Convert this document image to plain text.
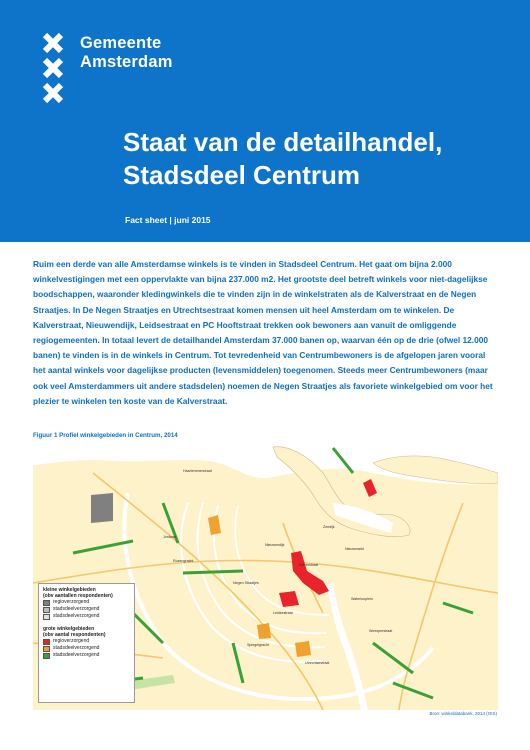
Gemeente
Amsterdam
Staat van de detailhandel,
Stadsdeel Centrum
Fact sheet | juni 2015
Ruim een derde van alle Amsterdamse winkels is te vinden in Stadsdeel Centrum. Het gaat om bijna 2.000 winkelvestigingen met een oppervlakte van bijna 237.000 m2. Het grootste deel betreft winkels voor niet-dagelijkse boodschappen, waaronder kledingwinkels die te vinden zijn in de winkelstraten als de Kalverstraat en de Negen Straatjes. In De Negen Straatjes en Utrechtsestraat komen mensen uit heel Amsterdam om te winkelen. De Kalverstraat, Nieuwendijk, Leidsestraat en PC Hooftstraat trekken ook bewoners aan vanuit de omliggende regiogemeenten. In totaal levert de detailhandel Amsterdam 37.000 banen op, waarvan één op de drie (ofwel 12.000 banen) te vinden is in de winkels in Centrum. Tot tevredenheid van Centrumbewoners is de afgelopen jaren vooral het aantal winkels voor dagelijkse producten (levensmiddelen) toegenomen. Steeds meer Centrumbewoners (maar ook veel Amsterdammers uit andere stadsdelen) noemen de Negen Straatjes als favoriete winkelgebied om voor het plezier te winkelen ten koste van de Kalverstraat.
Figuur 1 Profiel winkelgebieden in Centrum, 2014
Haarlemmerstraat
Nieuwendijk
Kalverstraat
Negen Straatjes
Leidsestraat
Utrechtsestraat
Jordaan
Nieuwmarkt
Rozengracht
Spiegelgracht
Waterlooplein
Weesperstraat
Zeedijk
kleine winkelgebieden
(obv aantallen respondenten)
regioverzorgend
stadsdeelverzorgend
stadsdeelverzorgend
grote winkelgebieden
(obv aantal respondenten)
regioverzorgend
stadsdeelverzorgend
stadsdeelverzorgend
Bron: winkeldatabank, 2014 (OIS)
